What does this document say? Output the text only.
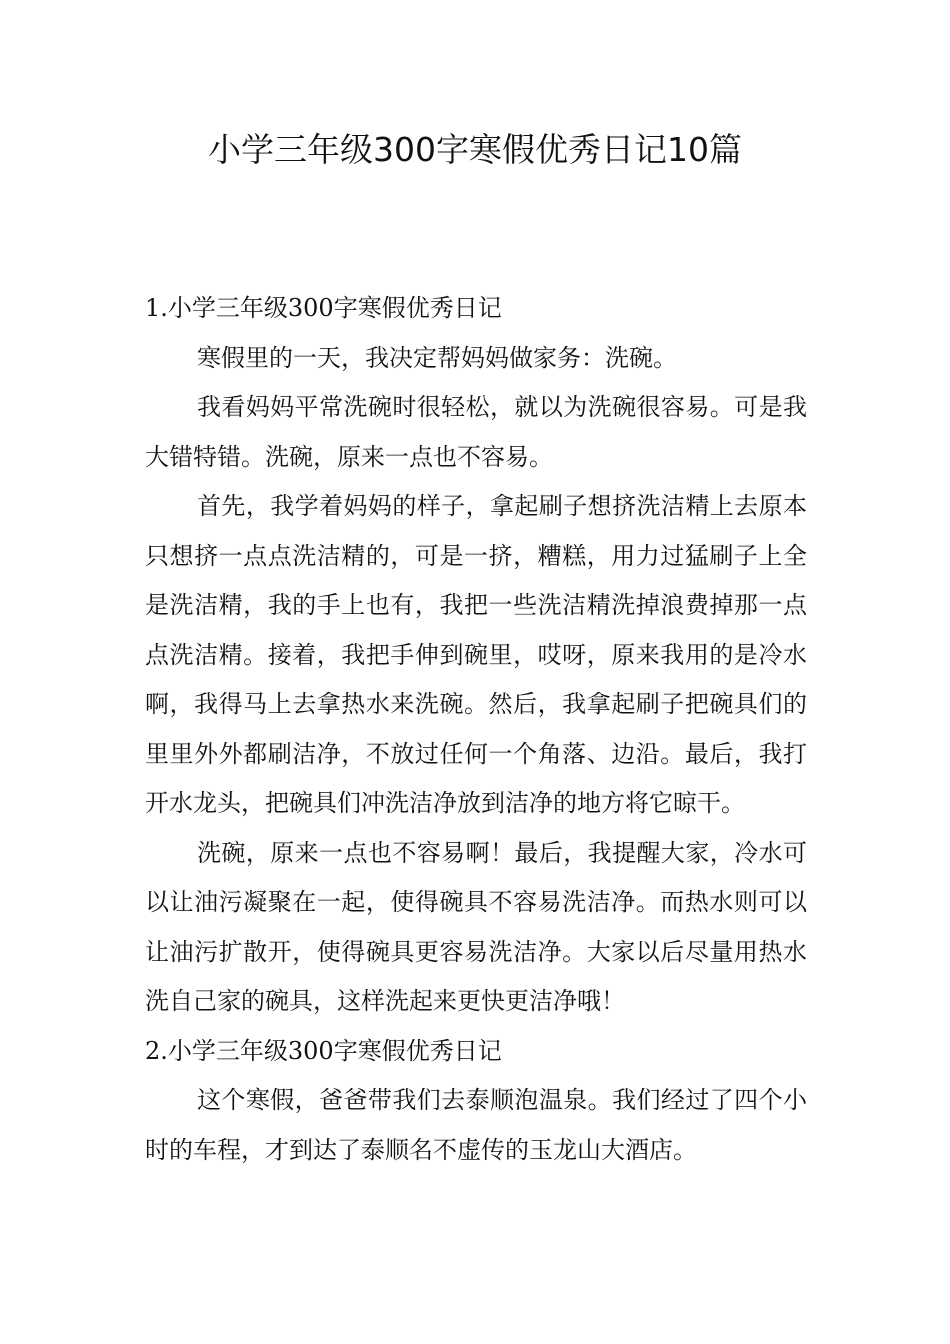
小学三年级300字寒假优秀日记10篇

1.小学三年级300字寒假优秀日记

寒假里的一天，我决定帮妈妈做家务：洗碗。

我看妈妈平常洗碗时很轻松，就以为洗碗很容易。可是我大错特错。洗碗，原来一点也不容易。

首先，我学着妈妈的样子，拿起刷子想挤洗洁精上去原本只想挤一点点洗洁精的，可是一挤，糟糕，用力过猛刷子上全是洗洁精，我的手上也有，我把一些洗洁精洗掉浪费掉那一点点洗洁精。接着，我把手伸到碗里，哎呀，原来我用的是冷水啊，我得马上去拿热水来洗碗。然后，我拿起刷子把碗具们的里里外外都刷洁净，不放过任何一个角落、边沿。最后，我打开水龙头，把碗具们冲洗洁净放到洁净的地方将它晾干。

洗碗，原来一点也不容易啊！最后，我提醒大家，冷水可以让油污凝聚在一起，使得碗具不容易洗洁净。而热水则可以让油污扩散开，使得碗具更容易洗洁净。大家以后尽量用热水洗自己家的碗具，这样洗起来更快更洁净哦！

2.小学三年级300字寒假优秀日记

这个寒假，爸爸带我们去泰顺泡温泉。我们经过了四个小时的车程，才到达了泰顺名不虚传的玉龙山大酒店。
